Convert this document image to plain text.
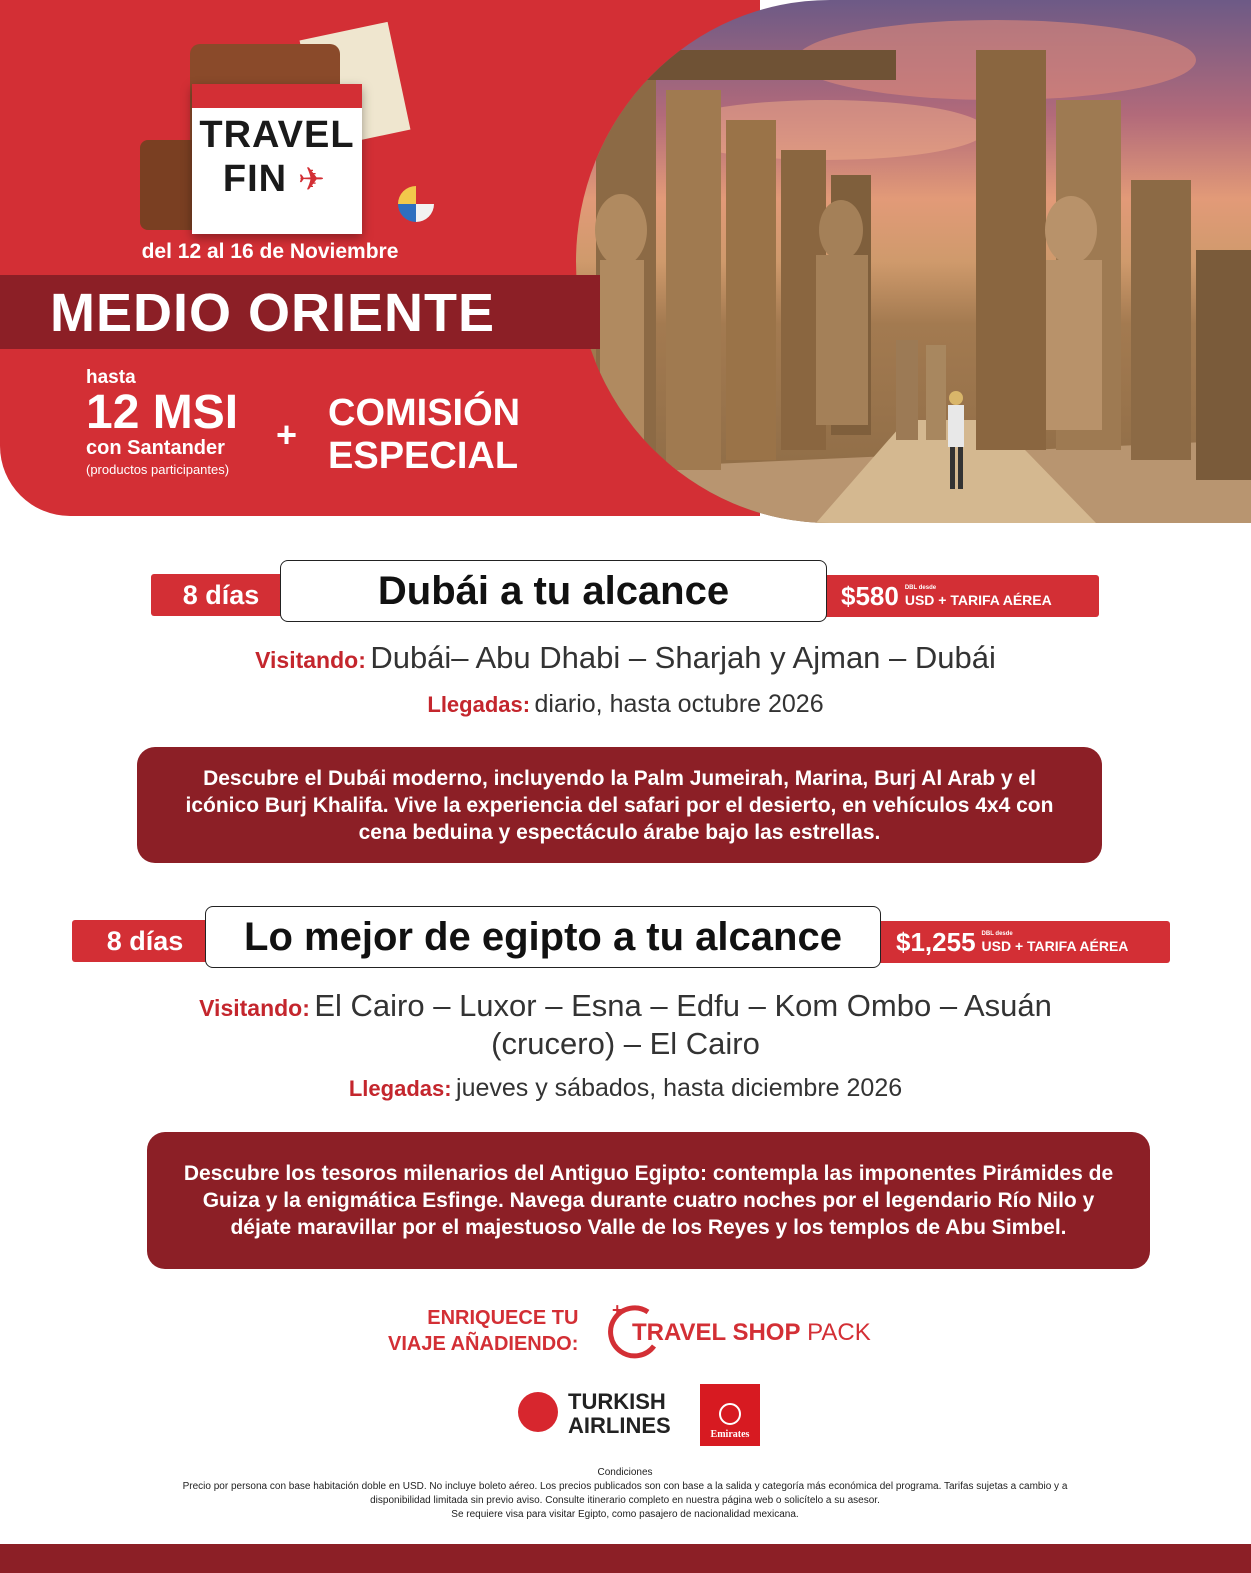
TRAVEL
FIN ✈
del 12 al 16 de Noviembre
MEDIO ORIENTE
hasta
12 MSI
con Santander
(productos participantes)
+
COMISIÓN
ESPECIAL
8 días	$580 DBL desde
USD + TARIFA AÉREA
Dubái a tu alcance
Visitando: Dubái– Abu Dhabi – Sharjah y Ajman – Dubái
Llegadas: diario, hasta octubre 2026
Descubre el Dubái moderno, incluyendo la Palm Jumeirah, Marina, Burj Al Arab y el icónico Burj Khalifa. Vive la experiencia del safari por el desierto, en vehículos 4x4 con cena beduina y espectáculo árabe bajo las estrellas.
8 días	$1,255 DBL desde
USD + TARIFA AÉREA
Lo mejor de egipto a tu alcance
Visitando: El Cairo – Luxor – Esna – Edfu – Kom Ombo – Asuán
(crucero) – El Cairo
Llegadas: jueves y sábados, hasta diciembre 2026
Descubre los tesoros milenarios del Antiguo Egipto: contempla las imponentes Pirámides de Guiza y la enigmática Esfinge. Navega durante cuatro noches por el legendario Río Nilo y déjate maravillar por el majestuoso Valle de los Reyes y los templos de Abu Simbel.
ENRIQUECE TU
VIAJE AÑADIENDO:
+
TRAVEL SHOP PACK
TURKISH
AIRLINES	Emirates
Condiciones
Precio por persona con base habitación doble en USD. No incluye boleto aéreo. Los precios publicados son con base a la salida y categoría más económica del programa. Tarifas sujetas a cambio y a disponibilidad limitada sin previo aviso. Consulte itinerario completo en nuestra página web o solicítelo a su asesor.
Se requiere visa para visitar Egipto, como pasajero de nacionalidad mexicana.
